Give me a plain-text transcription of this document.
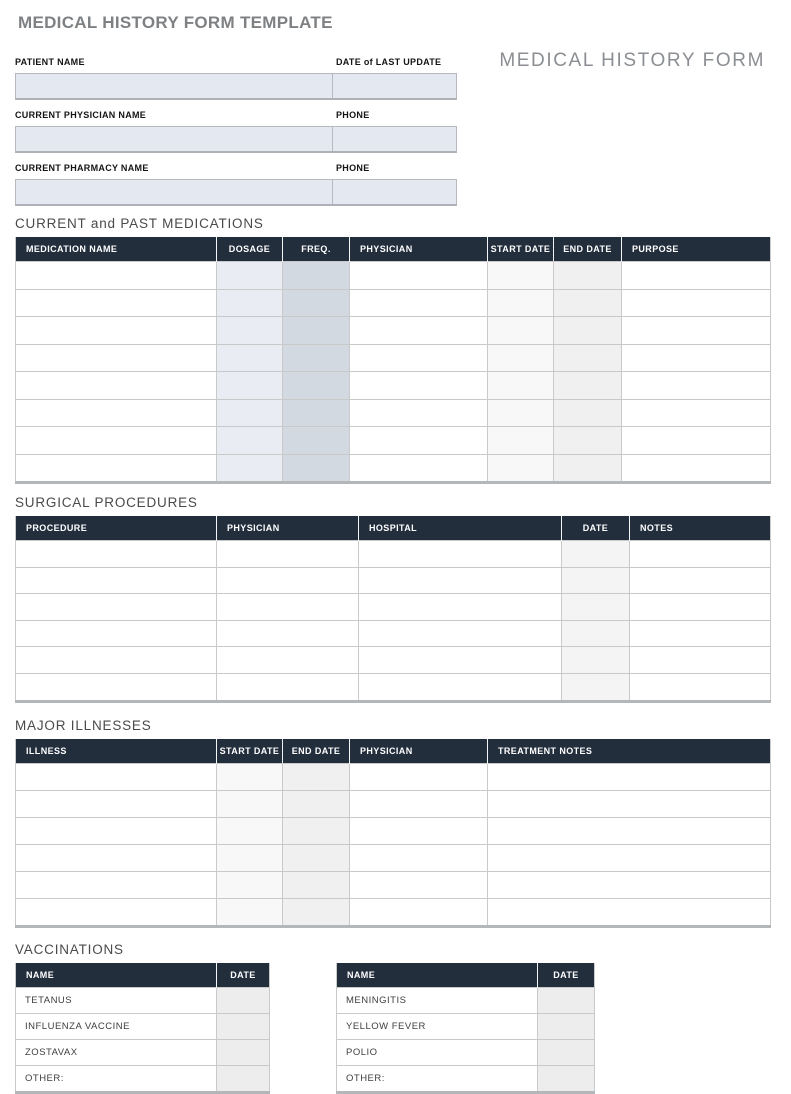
MEDICAL HISTORY FORM TEMPLATE
MEDICAL HISTORY FORM
PATIENT NAME	DATE of LAST UPDATE
CURRENT PHYSICIAN NAME	PHONE
CURRENT PHARMACY NAME	PHONE
CURRENT and PAST MEDICATIONS
MEDICATION NAME	DOSAGE	FREQ.	PHYSICIAN	START DATE	END DATE	PURPOSE

SURGICAL PROCEDURES
PROCEDURE	PHYSICIAN	HOSPITAL	DATE	NOTES

MAJOR ILLNESSES
ILLNESS	START DATE	END DATE	PHYSICIAN	TREATMENT NOTES

VACCINATIONS
NAME	DATE
TETANUS	
INFLUENZA VACCINE	
ZOSTAVAX	
OTHER:	
NAME	DATE
MENINGITIS	
YELLOW FEVER	
POLIO	
OTHER:	
